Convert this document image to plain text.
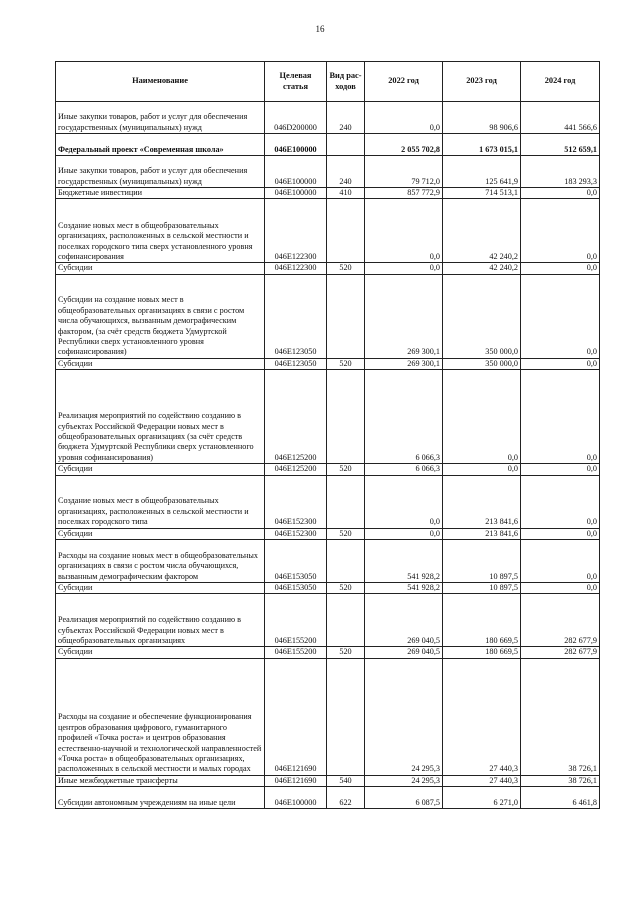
16
Наименование	Целевая статья	Вид рас-ходов	2022 год	2023 год	2024 год
Иные закупки товаров, работ и услуг для обеспечения государственных (муниципальных) нужд	046D200000	240	0,0	98 906,6	441 566,6
Федеральный проект «Современная школа»	046E100000		2 055 702,8	1 673 015,1	512 659,1
Иные закупки товаров, работ и услуг для обеспечения государственных (муниципальных) нужд	046E100000	240	79 712,0	125 641,9	183 293,3
Бюджетные инвестиции	046E100000	410	857 772,9	714 513,1	0,0
Создание новых мест в общеобразовательных организациях, расположенных в сельской местности и поселках городского типа сверх установленного уровня софинансирования	046E122300		0,0	42 240,2	0,0
Субсидии	046E122300	520	0,0	42 240,2	0,0
Субсидии на создание новых мест в общеобразовательных организациях в связи с ростом числа обучающихся, вызванным демографическим фактором, (за счёт средств бюджета Удмуртской Республики сверх установленного уровня софинансирования)	046E123050		269 300,1	350 000,0	0,0
Субсидии	046E123050	520	269 300,1	350 000,0	0,0
Реализация мероприятий по содействию созданию в субъектах Российской Федерации новых мест в общеобразовательных организациях (за счёт средств бюджета Удмуртской Республики сверх установленного уровня софинансирования)	046E125200		6 066,3	0,0	0,0
Субсидии	046E125200	520	6 066,3	0,0	0,0
Создание новых мест в общеобразовательных организациях, расположенных в сельской местности и поселках городского типа	046E152300		0,0	213 841,6	0,0
Субсидии	046E152300	520	0,0	213 841,6	0,0
Расходы на создание новых мест в общеобразовательных организациях в связи с ростом числа обучающихся, вызванным демографическим фактором	046E153050		541 928,2	10 897,5	0,0
Субсидии	046E153050	520	541 928,2	10 897,5	0,0
Реализация мероприятий по содействию созданию в субъектах Российской Федерации новых мест в общеобразовательных организациях	046E155200		269 040,5	180 669,5	282 677,9
Субсидии	046E155200	520	269 040,5	180 669,5	282 677,9
Расходы на создание и обеспечение функционирования центров образования цифрового, гуманитарного профилей «Точка роста» и центров образования естественно-научной и технологической направленностей «Точка роста» в общеобразовательных организациях, расположенных в сельской местности и малых городах	046E121690		24 295,3	27 440,3	38 726,1
Иные межбюджетные трансферты	046E121690	540	24 295,3	27 440,3	38 726,1
Субсидии автономным учреждениям на иные цели	046E100000	622	6 087,5	6 271,0	6 461,8
